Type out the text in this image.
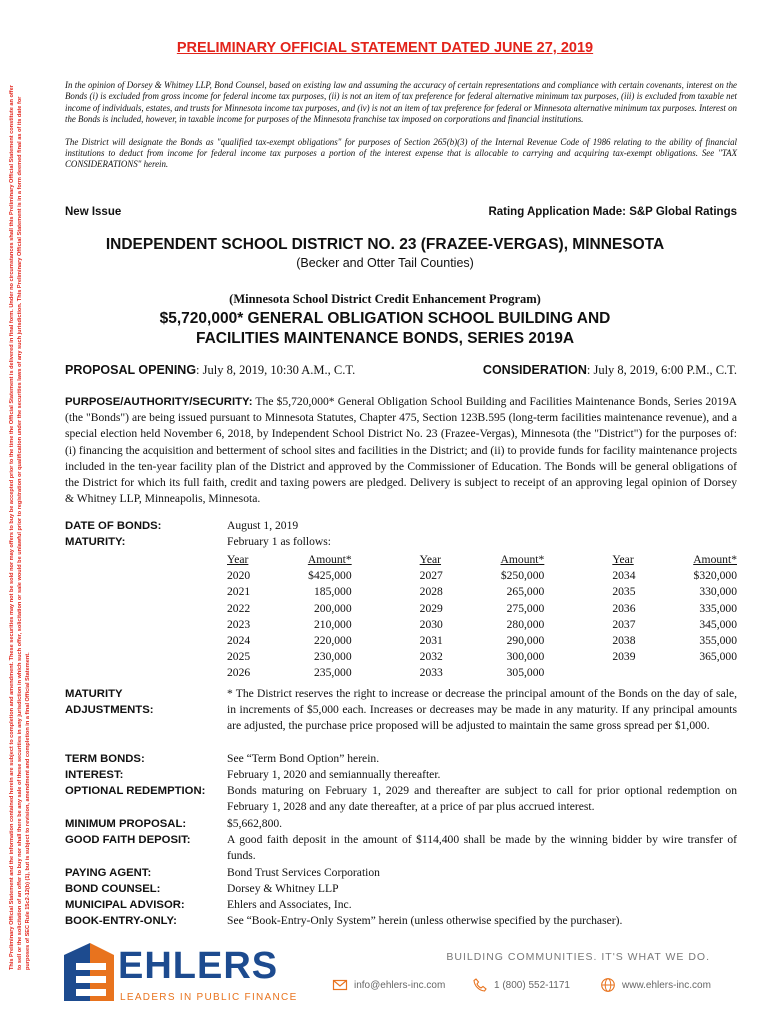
PRELIMINARY OFFICIAL STATEMENT DATED JUNE 27, 2019
This Preliminary Official Statement and the information contained herein are subject to completion and amendment. These securities may not be sold nor may offers to buy be accepted prior to the time the Official Statement is delivered in final form. Under no circumstances shall this Preliminary Official Statement constitute an offer to sell or the solicitation of an offer to buy nor shall there be any sale of these securities in any jurisdiction in which such offer, solicitation or sale would be unlawful prior to registration or qualification under the securities laws of any such jurisdiction. This Preliminary Official Statement is in a form deemed final as of its date for purposes of SEC Rule 15c2-12(b) (1), but is subject to revision, amendment and completion in a final Official Statement.

In the opinion of Dorsey & Whitney LLP, Bond Counsel, based on existing law and assuming the accuracy of certain representations and compliance with certain covenants, interest on the Bonds (i) is excluded from gross income for federal income tax purposes, (ii) is not an item of tax preference for federal alternative minimum tax purposes, (iii) is excluded from taxable net income of individuals, estates, and trusts for Minnesota income tax purposes, and (iv) is not an item of tax preference for federal or Minnesota alternative minimum tax purposes. Interest on the Bonds is included, however, in taxable income for purposes of the Minnesota franchise tax imposed on corporations and financial institutions.

The District will designate the Bonds as "qualified tax-exempt obligations" for purposes of Section 265(b)(3) of the Internal Revenue Code of 1986 relating to the ability of financial institutions to deduct from income for federal income tax purposes a portion of the interest expense that is allocable to carrying and acquiring tax-exempt obligations. See "TAX CONSIDERATIONS" herein.

New Issue	Rating Application Made: S&P Global Ratings
INDEPENDENT SCHOOL DISTRICT NO. 23 (FRAZEE-VERGAS), MINNESOTA
(Becker and Otter Tail Counties)
(Minnesota School District Credit Enhancement Program)
$5,720,000* GENERAL OBLIGATION SCHOOL BUILDING AND
FACILITIES MAINTENANCE BONDS, SERIES 2019A
PROPOSAL OPENING: July 8, 2019, 10:30 A.M., C.T.	CONSIDERATION: July 8, 2019, 6:00 P.M., C.T.

PURPOSE/AUTHORITY/SECURITY: The $5,720,000* General Obligation School Building and Facilities Maintenance Bonds, Series 2019A (the "Bonds") are being issued pursuant to Minnesota Statutes, Chapter 475, Section 123B.595 (long-term facilities maintenance revenue), and a special election held November 6, 2018, by Independent School District No. 23 (Frazee-Vergas), Minnesota (the "District") for the purposes of: (i) financing the acquisition and betterment of school sites and facilities in the District; and (ii) to provide funds for facility maintenance projects included in the ten-year facility plan of the District and approved by the Commissioner of Education. The Bonds will be general obligations of the District for which its full faith, credit and taxing powers are pledged. Delivery is subject to receipt of an approving legal opinion of Dorsey & Whitney LLP, Minneapolis, Minnesota.

DATE OF BONDS:	August 1, 2019
MATURITY:	February 1 as follows:
Year	Amount*	Year	Amount*	Year	Amount*
2020	$425,000	2027	$250,000	2034	$320,000
2021	185,000	2028	265,000	2035	330,000
2022	200,000	2029	275,000	2036	335,000
2023	210,000	2030	280,000	2037	345,000
2024	220,000	2031	290,000	2038	355,000
2025	230,000	2032	300,000	2039	365,000
2026	235,000	2033	305,000		
MATURITY
ADJUSTMENTS:
* The District reserves the right to increase or decrease the principal amount of the Bonds on the day of sale, in increments of $5,000 each. Increases or decreases may be made in any maturity. If any principal amounts are adjusted, the purchase price proposed will be adjusted to maintain the same gross spread per $1,000.
TERM BONDS:	See “Term Bond Option” herein.
INTEREST:	February 1, 2020 and semiannually thereafter.
OPTIONAL REDEMPTION:	Bonds maturing on February 1, 2029 and thereafter are subject to call for prior optional redemption on February 1, 2028 and any date thereafter, at a price of par plus accrued interest.
MINIMUM PROPOSAL:	$5,662,800.
GOOD FAITH DEPOSIT:	A good faith deposit in the amount of $114,400 shall be made by the winning bidder by wire transfer of funds.
PAYING AGENT:	Bond Trust Services Corporation
BOND COUNSEL:	Dorsey & Whitney LLP
MUNICIPAL ADVISOR:	Ehlers and Associates, Inc.
BOOK-ENTRY-ONLY:	See “Book-Entry-Only System” herein (unless otherwise specified by the purchaser).
EHLERS
LEADERS IN PUBLIC FINANCE
BUILDING COMMUNITIES. IT'S WHAT WE DO.
info@ehlers-inc.com	1 (800) 552-1171	www.ehlers-inc.com
